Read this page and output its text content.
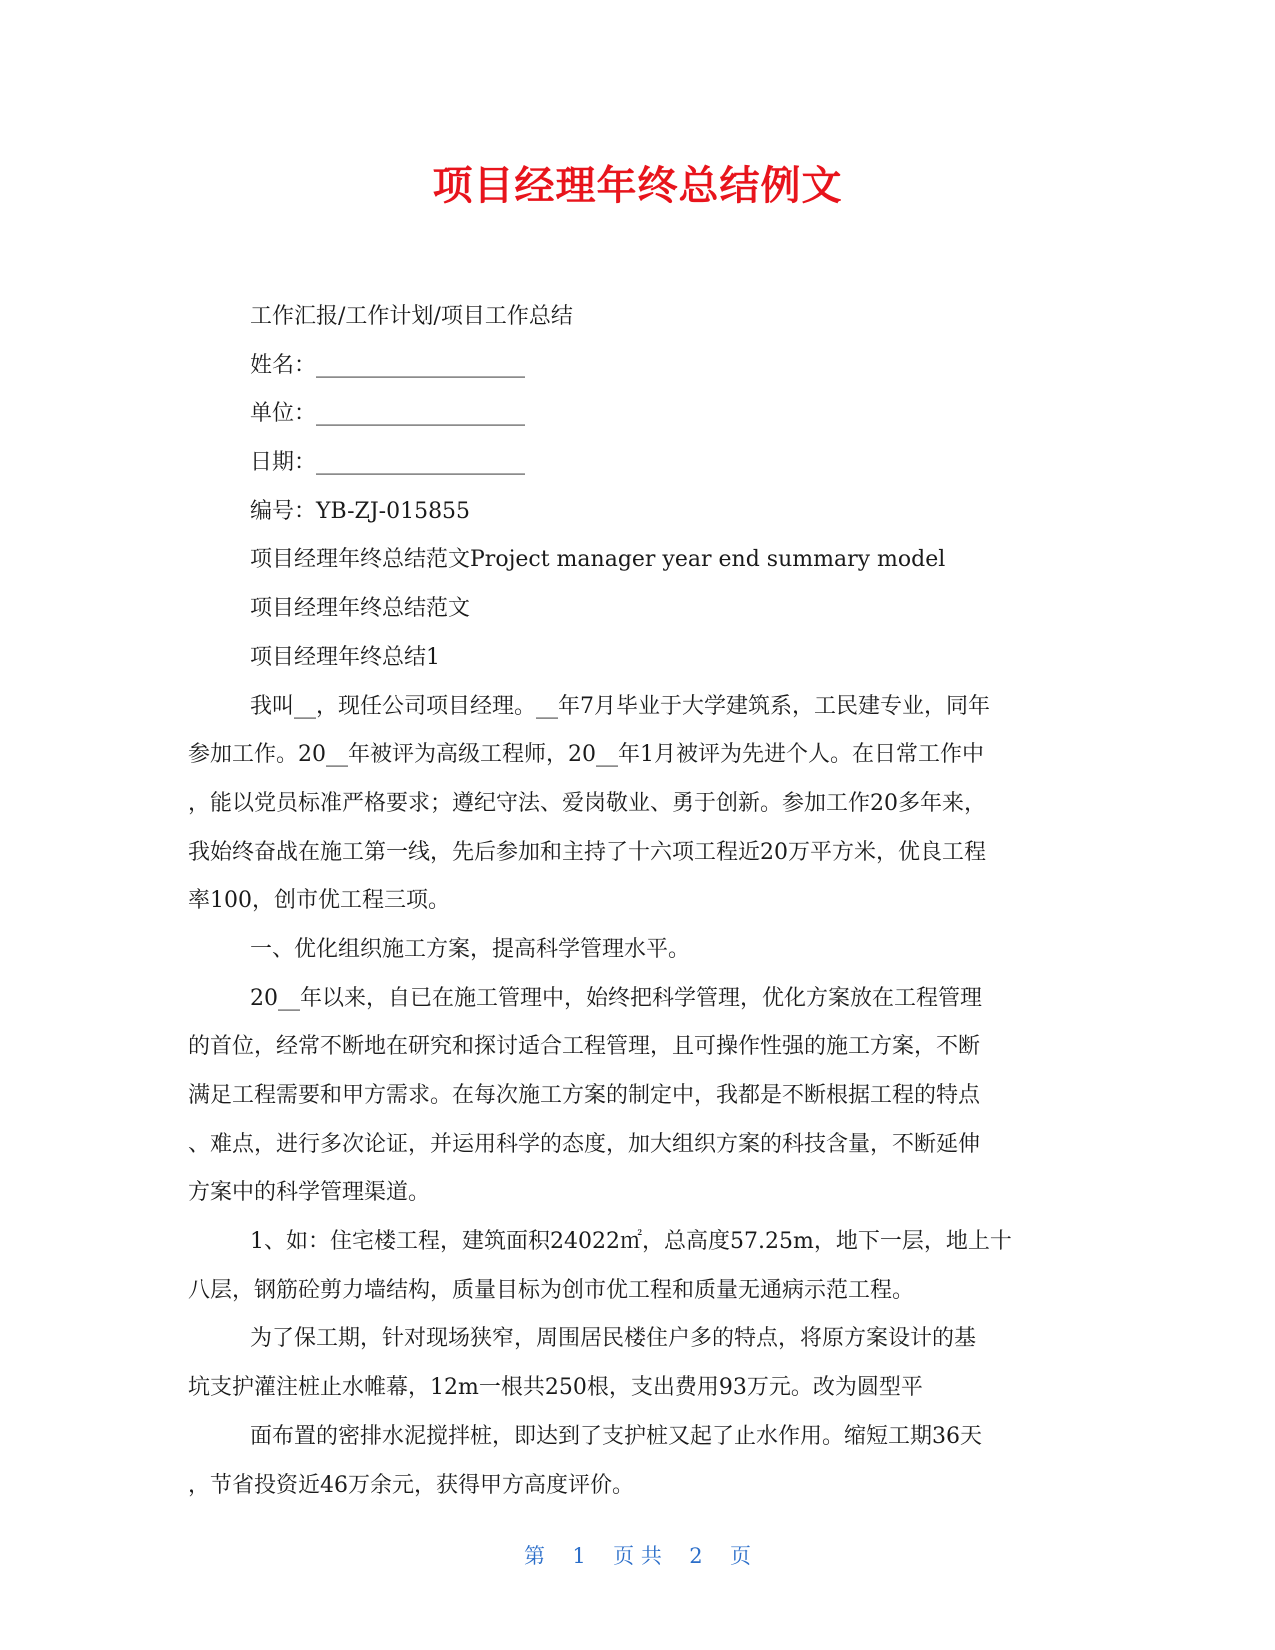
项目经理年终总结例文
工作汇报/工作计划/项目工作总结
姓名：___________________
单位：___________________
日期：___________________
编号：YB-ZJ-015855
项目经理年终总结范文Project manager year end summary model
项目经理年终总结范文
项目经理年终总结1
我叫__，现任公司项目经理。__年7月毕业于大学建筑系，工民建专业，同年
参加工作。20__年被评为高级工程师，20__年1月被评为先进个人。在日常工作中
，能以党员标准严格要求；遵纪守法、爱岗敬业、勇于创新。参加工作20多年来，
我始终奋战在施工第一线，先后参加和主持了十六项工程近20万平方米，优良工程
率100，创市优工程三项。
一、优化组织施工方案，提高科学管理水平。
20__年以来，自已在施工管理中，始终把科学管理，优化方案放在工程管理
的首位，经常不断地在研究和探讨适合工程管理，且可操作性强的施工方案，不断
满足工程需要和甲方需求。在每次施工方案的制定中，我都是不断根据工程的特点
、难点，进行多次论证，并运用科学的态度，加大组织方案的科技含量，不断延伸
方案中的科学管理渠道。
1、如：住宅楼工程，建筑面积24022㎡，总高度57.25m，地下一层，地上十
八层，钢筋砼剪力墙结构，质量目标为创市优工程和质量无通病示范工程。
为了保工期，针对现场狭窄，周围居民楼住户多的特点，将原方案设计的基
坑支护灌注桩止水帷幕，12m一根共250根，支出费用93万元。改为圆型平
面布置的密排水泥搅拌桩，即达到了支护桩又起了止水作用。缩短工期36天
，节省投资近46万余元，获得甲方高度评价。
第 1 页 共 2 页
